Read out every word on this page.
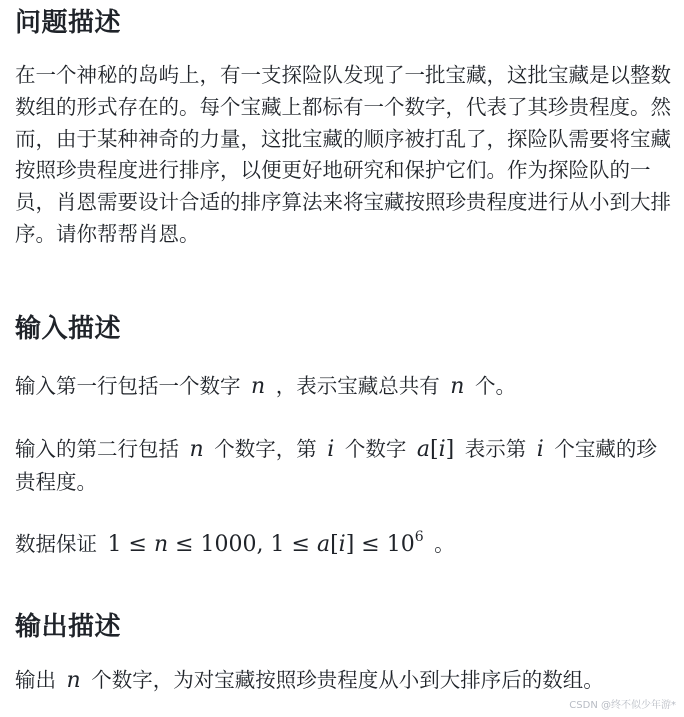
问题描述

在一个神秘的岛屿上，有一支探险队发现了一批宝藏，这批宝藏是以整数数组的形式存在的。每个宝藏上都标有一个数字，代表了其珍贵程度。然而，由于某种神奇的力量，这批宝藏的顺序被打乱了，探险队需要将宝藏按照珍贵程度进行排序，以便更好地研究和保护它们。作为探险队的一员，肖恩需要设计合适的排序算法来将宝藏按照珍贵程度进行从小到大排序。请你帮帮肖恩。

输入描述

输入第一行包括一个数字 n ，表示宝藏总共有 n 个。

输入的第二行包括 n 个数字，第 i 个数字 a[i] 表示第 i 个宝藏的珍贵程度。

数据保证 1 ≤ n ≤ 1000, $1 \le a[i] \le 10^6$ 。

输出描述

输出 n 个数字，为对宝藏按照珍贵程度从小到大排序后的数组。

CSDN @终不似少年游*
